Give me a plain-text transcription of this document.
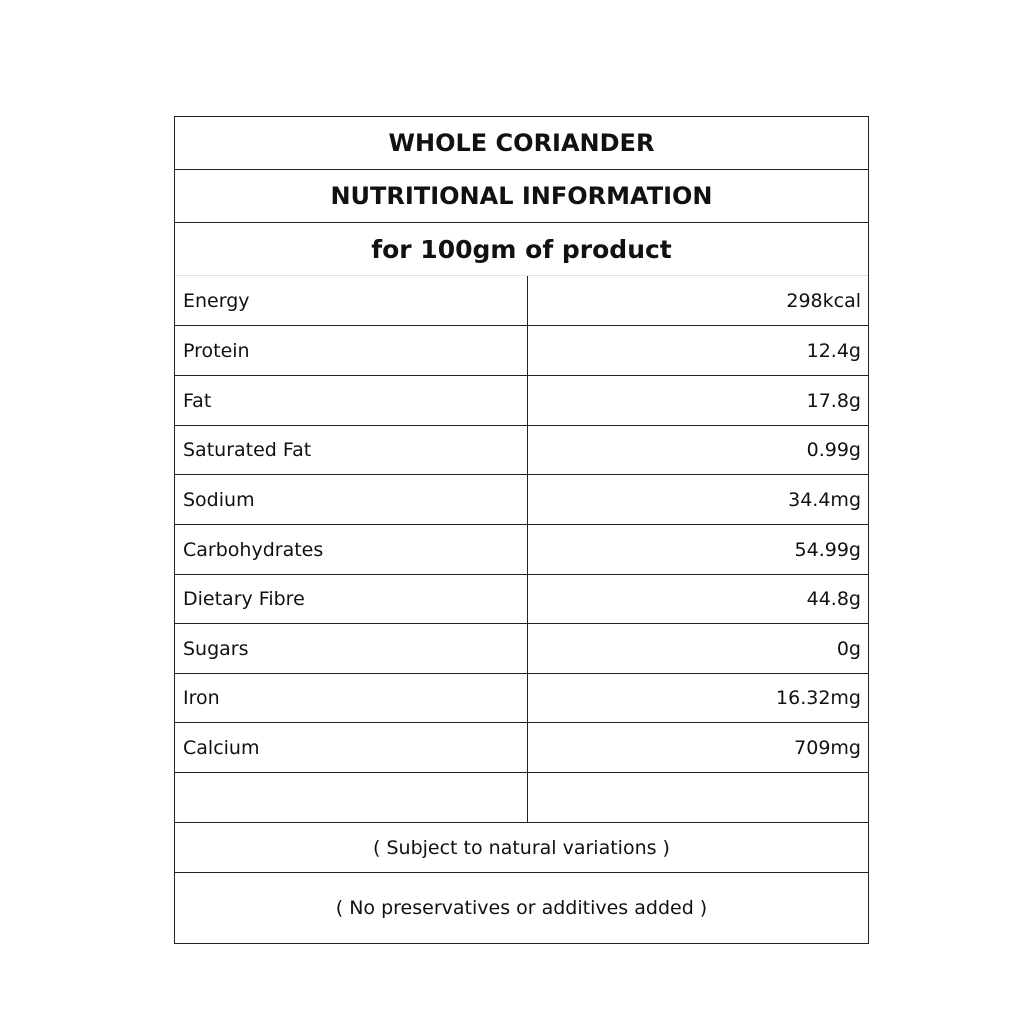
WHOLE CORIANDER
NUTRITIONAL INFORMATION
for 100gm of product
Energy	298kcal
Protein	12.4g
Fat	17.8g
Saturated Fat	0.99g
Sodium	34.4mg
Carbohydrates	54.99g
Dietary Fibre	44.8g
Sugars	0g
Iron	16.32mg
Calcium	709mg
( Subject to natural variations )
( No preservatives or additives added )
